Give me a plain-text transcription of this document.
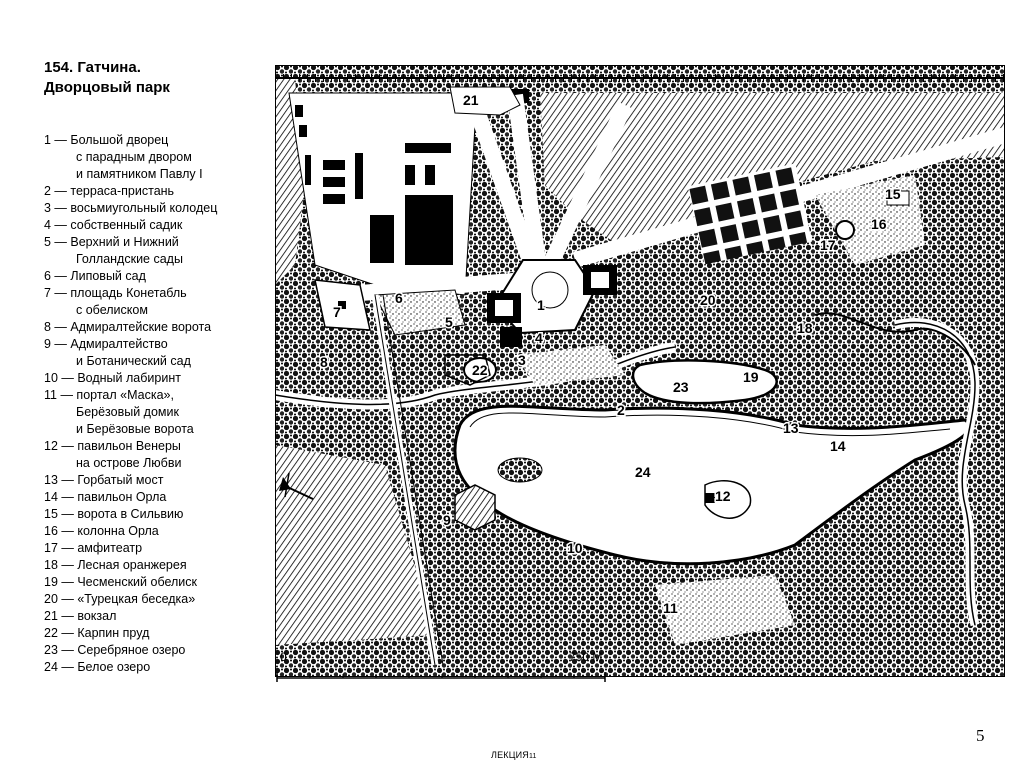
154. Гатчина.
Дворцовый парк
1 — Большой дворец
с парадным двором
и памятником Павлу I
2 — терраса-пристань
3 — восьмиугольный колодец
4 — собственный садик
5 — Верхний и Нижний
Голландские сады
6 — Липовый сад
7 — площадь Конетабль
с обелиском
8 — Адмиралтейские ворота
9 — Адмиралтейство
и Ботанический сад
10 — Водный лабиринт
11 — портал «Маска»,
Берёзовый домик
и Берёзовые ворота
12 — павильон Венеры
на острове Любви
13 — Горбатый мост
14 — павильон Орла
15 — ворота в Сильвию
16 — колонна Орла
17 — амфитеатр
18 — Лесная оранжерея
19 — Чесменский обелиск
20 — «Турецкая беседка»
21 — вокзал
22 — Карпин пруд
23 — Серебряное озеро
24 — Белое озеро
1
2
3
4
5
6
7
8
9
10
11
12
13
14
15
16
17
18
19
20
21
22
23
24
0	750 М
5
ЛЕКЦИЯ11
